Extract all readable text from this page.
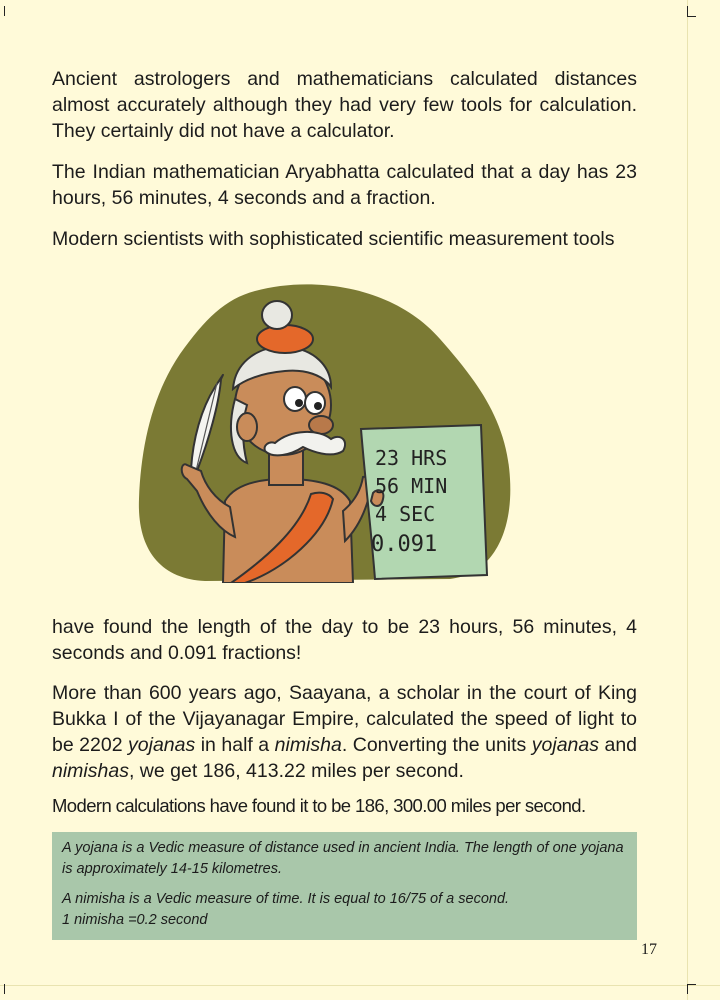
Ancient astrologers and mathematicians calculated distances almost accurately although they had very few tools for calculation. They certainly did not have a calculator.

The Indian mathematician Aryabhatta calculated that a day has 23 hours, 56 minutes, 4 seconds and a fraction.

Modern scientists with sophisticated scientific measurement tools

23 HRS
56 MIN
4 SEC
0.091

have found the length of the day to be 23 hours, 56 minutes, 4 seconds and 0.091 fractions!

More than 600 years ago, Saayana, a scholar in the court of King Bukka I of the Vijayanagar Empire, calculated the speed of light to be 2202 yojanas in half a nimisha. Converting the units yojanas and nimishas, we get 186, 413.22 miles per second.

Modern calculations have found it to be 186, 300.00 miles per second.

A yojana is a Vedic measure of distance used in ancient India. The length of one yojana is approximately 14-15 kilometres.

A nimisha is a Vedic measure of time. It is equal to 16/75 of a second.

1 nimisha =0.2 second

17
